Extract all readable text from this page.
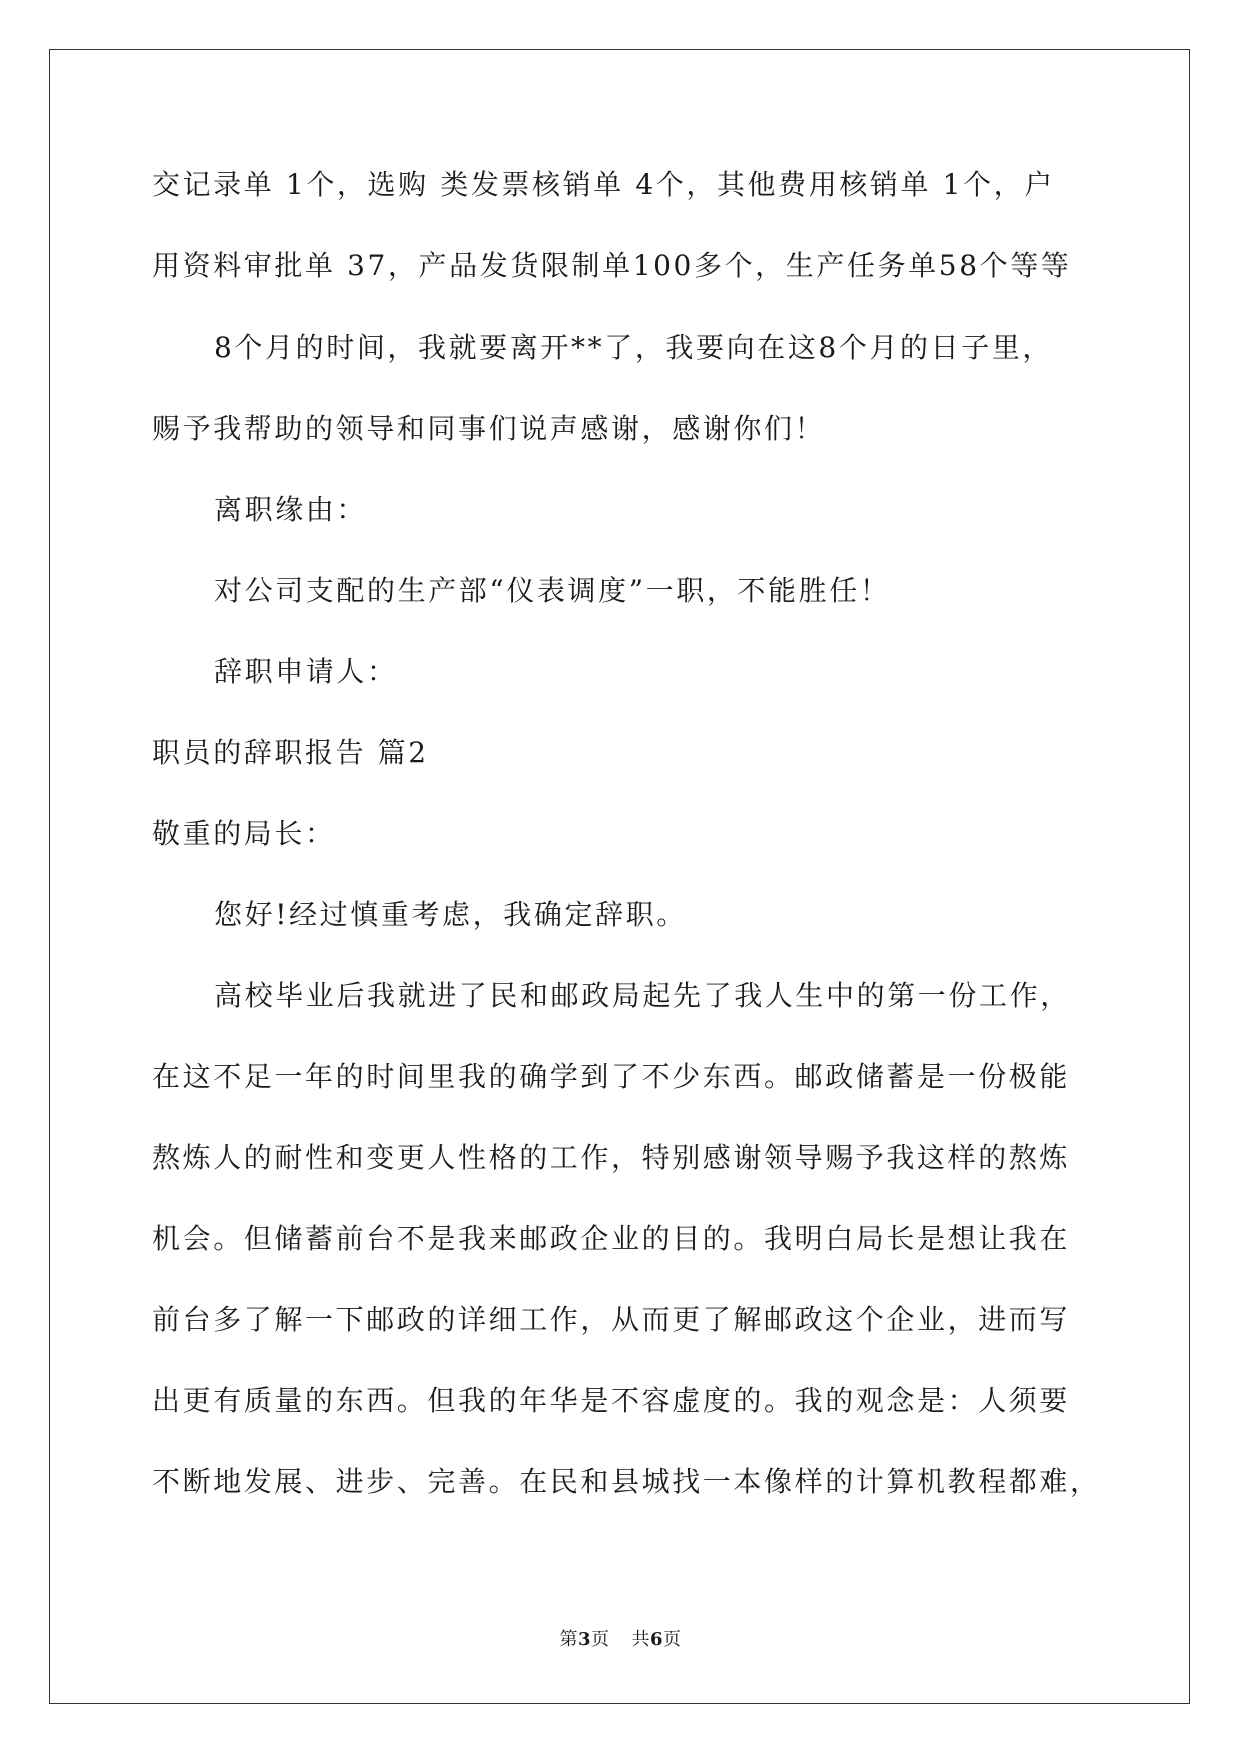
交记录单 1个，选购 类发票核销单 4个，其他费用核销单 1个，户
用资料审批单 37，产品发货限制单100多个，生产任务单58个等等
8个月的时间，我就要离开**了，我要向在这8个月的日子里，
赐予我帮助的领导和同事们说声感谢，感谢你们！
离职缘由：
对公司支配的生产部“仪表调度”一职，不能胜任！
辞职申请人：
职员的辞职报告 篇2
敬重的局长：
您好!经过慎重考虑，我确定辞职。
高校毕业后我就进了民和邮政局起先了我人生中的第一份工作，
在这不足一年的时间里我的确学到了不少东西。邮政储蓄是一份极能
熬炼人的耐性和变更人性格的工作，特别感谢领导赐予我这样的熬炼
机会。但储蓄前台不是我来邮政企业的目的。我明白局长是想让我在
前台多了解一下邮政的详细工作，从而更了解邮政这个企业，进而写
出更有质量的东西。但我的年华是不容虚度的。我的观念是：人须要
不断地发展、进步、完善。在民和县城找一本像样的计算机教程都难，
第3页 共6页
